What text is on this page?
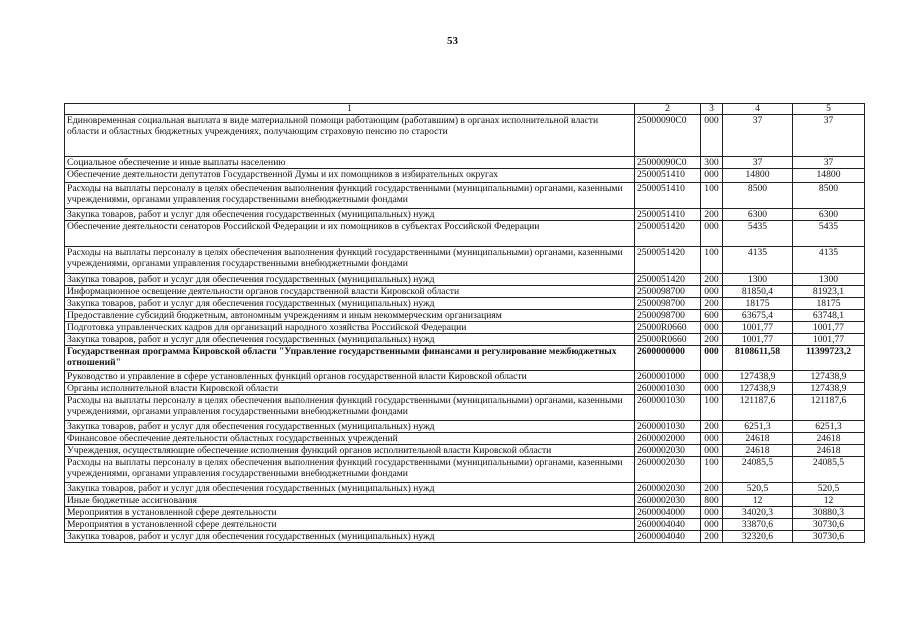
53
1	2	3	4	5
Единовременная социальная выплата в виде материальной помощи работающим (работавшим) в органах исполнительной власти области и областных бюджетных учреждениях, получающим страховую пенсию по старости	25000090C0	000	37	37
Социальное обеспечение и иные выплаты населению	25000090C0	300	37	37
Обеспечение деятельности депутатов Государственной Думы и их помощников в избирательных округах	2500051410	000	14800	14800
Расходы на выплаты персоналу в целях обеспечения выполнения функций государственными (муниципальными) органами, казенными учреждениями, органами управления государственными внебюджетными фондами	2500051410	100	8500	8500
Закупка товаров, работ и услуг для обеспечения государственных (муниципальных) нужд	2500051410	200	6300	6300
Обеспечение деятельности сенаторов Российской Федерации и их помощников в субъектах Российской Федерации	2500051420	000	5435	5435
Расходы на выплаты персоналу в целях обеспечения выполнения функций государственными (муниципальными) органами, казенными учреждениями, органами управления государственными внебюджетными фондами	2500051420	100	4135	4135
Закупка товаров, работ и услуг для обеспечения государственных (муниципальных) нужд	2500051420	200	1300	1300
Информационное освещение деятельности органов государственной власти Кировской области	2500098700	000	81850,4	81923,1
Закупка товаров, работ и услуг для обеспечения государственных (муниципальных) нужд	2500098700	200	18175	18175
Предоставление субсидий бюджетным, автономным учреждениям и иным некоммерческим организациям	2500098700	600	63675,4	63748,1
Подготовка управленческих кадров для организаций народного хозяйства Российской Федерации	25000R0660	000	1001,77	1001,77
Закупка товаров, работ и услуг для обеспечения государственных (муниципальных) нужд	25000R0660	200	1001,77	1001,77
Государственная программа Кировской области "Управление государственными финансами и регулирование межбюджетных отношений"	2600000000	000	8108611,58	11399723,2
Руководство и управление в сфере установленных функций органов государственной власти Кировской области	2600001000	000	127438,9	127438,9
Органы исполнительной власти Кировской области	2600001030	000	127438,9	127438,9
Расходы на выплаты персоналу в целях обеспечения выполнения функций государственными (муниципальными) органами, казенными учреждениями, органами управления государственными внебюджетными фондами	2600001030	100	121187,6	121187,6
Закупка товаров, работ и услуг для обеспечения государственных (муниципальных) нужд	2600001030	200	6251,3	6251,3
Финансовое обеспечение деятельности областных государственных учреждений	2600002000	000	24618	24618
Учреждения, осуществляющие обеспечение исполнения функций органов исполнительной власти Кировской области	2600002030	000	24618	24618
Расходы на выплаты персоналу в целях обеспечения выполнения функций государственными (муниципальными) органами, казенными учреждениями, органами управления государственными внебюджетными фондами	2600002030	100	24085,5	24085,5
Закупка товаров, работ и услуг для обеспечения государственных (муниципальных) нужд	2600002030	200	520,5	520,5
Иные бюджетные ассигнования	2600002030	800	12	12
Мероприятия в установленной сфере деятельности	2600004000	000	34020,3	30880,3
Мероприятия в установленной сфере деятельности	2600004040	000	33870,6	30730,6
Закупка товаров, работ и услуг для обеспечения государственных (муниципальных) нужд	2600004040	200	32320,6	30730,6
